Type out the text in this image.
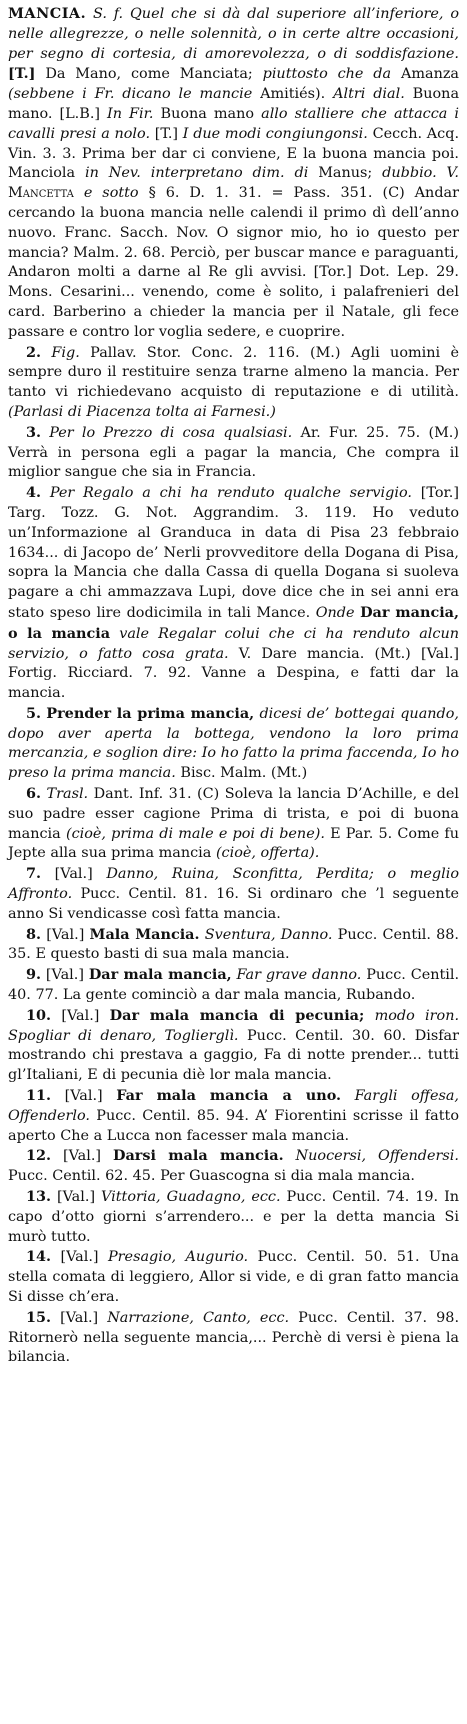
MANCIA. S. f. Quel che si dà dal superiore all’inferiore, o nelle allegrezze, o nelle solennità, o in certe altre occasioni, per segno di cortesia, di amorevolezza, o di soddisfazione. [T.] Da Mano, come Manciata; piuttosto che da Amanza (sebbene i Fr. dicano le mancie Amitiés). Altri dial. Buona mano. [L.B.] In Fir. Buona mano allo stalliere che attacca i cavalli presi a nolo. [T.] I due modi congiungonsi. Cecch. Acq. Vin. 3. 3. Prima ber dar ci conviene, E la buona mancia poi. Manciola in Nev. interpretano dim. di Manus; dubbio. V. Mancetta e sotto § 6. D. 1. 31. = Pass. 351. (C) Andar cercando la buona mancia nelle calendi il primo dì dell’anno nuovo. Franc. Sacch. Nov. O signor mio, ho io questo per mancia? Malm. 2. 68. Perciò, per buscar mance e paraguanti, Andaron molti a darne al Re gli avvisi. [Tor.] Dot. Lep. 29. Mons. Cesarini... venendo, come è solito, i palafrenieri del card. Barberino a chieder la mancia per il Natale, gli fece passare e contro lor voglia sedere, e cuoprire.

2. Fig. Pallav. Stor. Conc. 2. 116. (M.) Agli uomini è sempre duro il restituire senza trarne almeno la mancia. Per tanto vi richiedevano acquisto di reputazione e di utilità. (Parlasi di Piacenza tolta ai Farnesi.)

3. Per lo Prezzo di cosa qualsiasi. Ar. Fur. 25. 75. (M.) Verrà in persona egli a pagar la mancia, Che compra il miglior sangue che sia in Francia.

4. Per Regalo a chi ha renduto qualche servigio. [Tor.] Targ. Tozz. G. Not. Aggrandim. 3. 119. Ho veduto un’Informazione al Granduca in data di Pisa 23 febbraio 1634... di Jacopo de’ Nerli provveditore della Dogana di Pisa, sopra la Mancia che dalla Cassa di quella Dogana si suoleva pagare a chi ammazzava Lupi, dove dice che in sei anni era stato speso lire dodicimila in tali Mance. Onde Dar mancia, o la mancia vale Regalar colui che ci ha renduto alcun servizio, o fatto cosa grata. V. Dare mancia. (Mt.) [Val.] Fortig. Ricciard. 7. 92. Vanne a Despina, e fatti dar la mancia.

5. Prender la prima mancia, dicesi de’ bottegai quando, dopo aver aperta la bottega, vendono la loro prima mercanzia, e soglion dire: Io ho fatto la prima faccenda, Io ho preso la prima mancia. Bisc. Malm. (Mt.)

6. Trasl. Dant. Inf. 31. (C) Soleva la lancia D’Achille, e del suo padre esser cagione Prima di trista, e poi di buona mancia (cioè, prima di male e poi di bene). E Par. 5. Come fu Jepte alla sua prima mancia (cioè, offerta).

7. [Val.] Danno, Ruina, Sconfitta, Perdita; o meglio Affronto. Pucc. Centil. 81. 16. Si ordinaro che ’l seguente anno Si vendicasse così fatta mancia.

8. [Val.] Mala Mancia. Sventura, Danno. Pucc. Centil. 88. 35. E questo basti di sua mala mancia.

9. [Val.] Dar mala mancia, Far grave danno. Pucc. Centil. 40. 77. La gente cominciò a dar mala mancia, Rubando.

10. [Val.] Dar mala mancia di pecunia; modo iron. Spogliar di denaro, Toglierglì. Pucc. Centil. 30. 60. Disfar mostrando chi prestava a gaggio, Fa di notte prender... tutti gl’Italiani, E di pecunia diè lor mala mancia.

11. [Val.] Far mala mancia a uno. Fargli offesa, Offenderlo. Pucc. Centil. 85. 94. A’ Fiorentini scrisse il fatto aperto Che a Lucca non facesser mala mancia.

12. [Val.] Darsi mala mancia. Nuocersi, Offendersi. Pucc. Centil. 62. 45. Per Guascogna si dia mala mancia.

13. [Val.] Vittoria, Guadagno, ecc. Pucc. Centil. 74. 19. In capo d’otto giorni s’arrendero... e per la detta mancia Si murò tutto.

14. [Val.] Presagio, Augurio. Pucc. Centil. 50. 51. Una stella comata di leggiero, Allor si vide, e di gran fatto mancia Si disse ch’era.

15. [Val.] Narrazione, Canto, ecc. Pucc. Centil. 37. 98. Ritornerò nella seguente mancia,... Perchè di versi è piena la bilancia.
